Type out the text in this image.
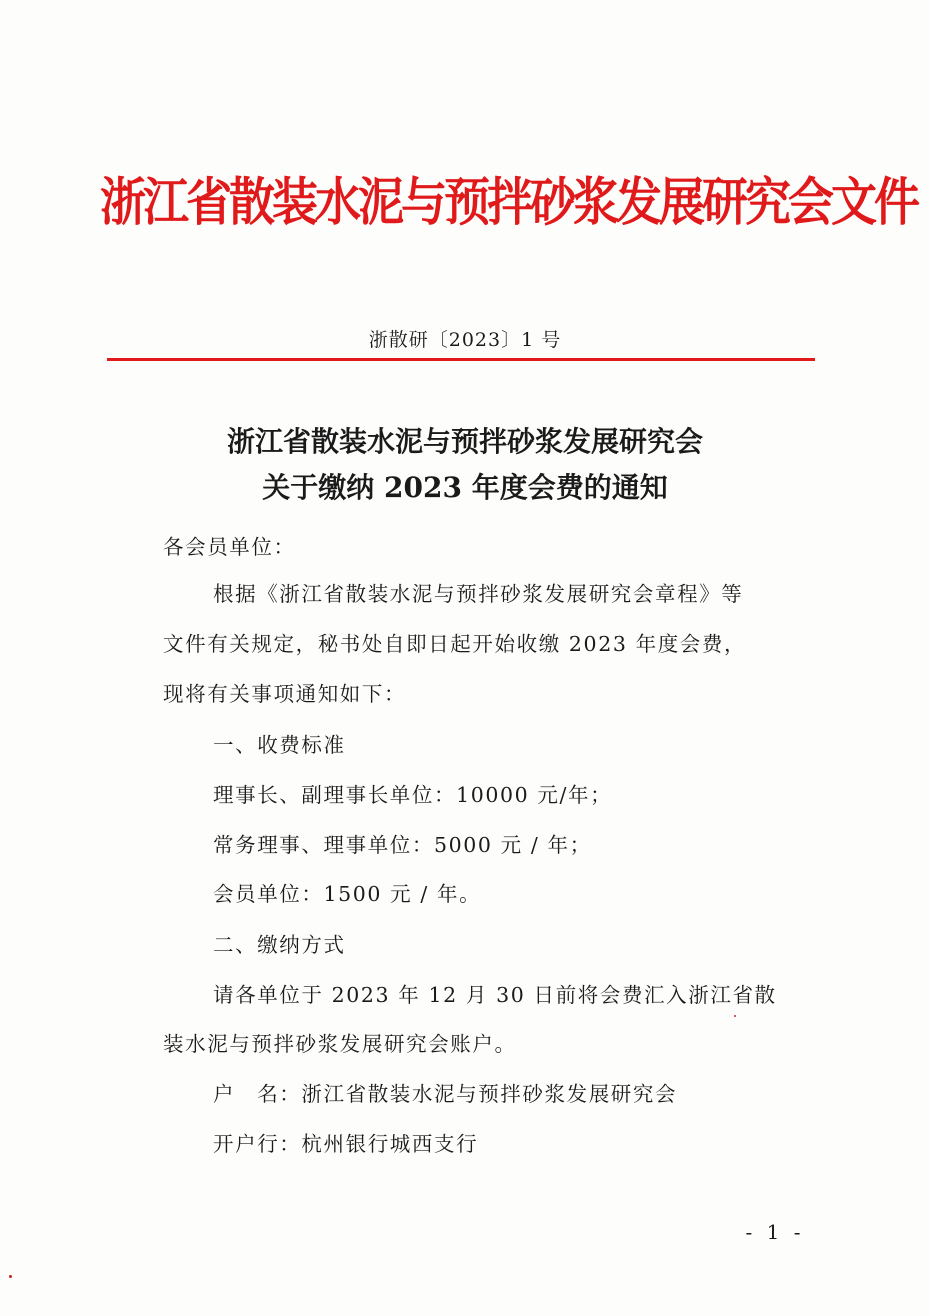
浙江省散装水泥与预拌砂浆发展研究会文件
浙散研〔2023〕1 号
浙江省散装水泥与预拌砂浆发展研究会
关于缴纳 2023 年度会费的通知
各会员单位：
根据《浙江省散装水泥与预拌砂浆发展研究会章程》等
文件有关规定，秘书处自即日起开始收缴 2023 年度会费，
现将有关事项通知如下：
一、收费标准
理事长、副理事长单位：10000 元/年；
常务理事、理事单位：5000 元 / 年；
会员单位：1500 元 / 年。
二、缴纳方式
请各单位于 2023 年 12 月 30 日前将会费汇入浙江省散
装水泥与预拌砂浆发展研究会账户。
户　名：浙江省散装水泥与预拌砂浆发展研究会
开户行：杭州银行城西支行
- 1 -
